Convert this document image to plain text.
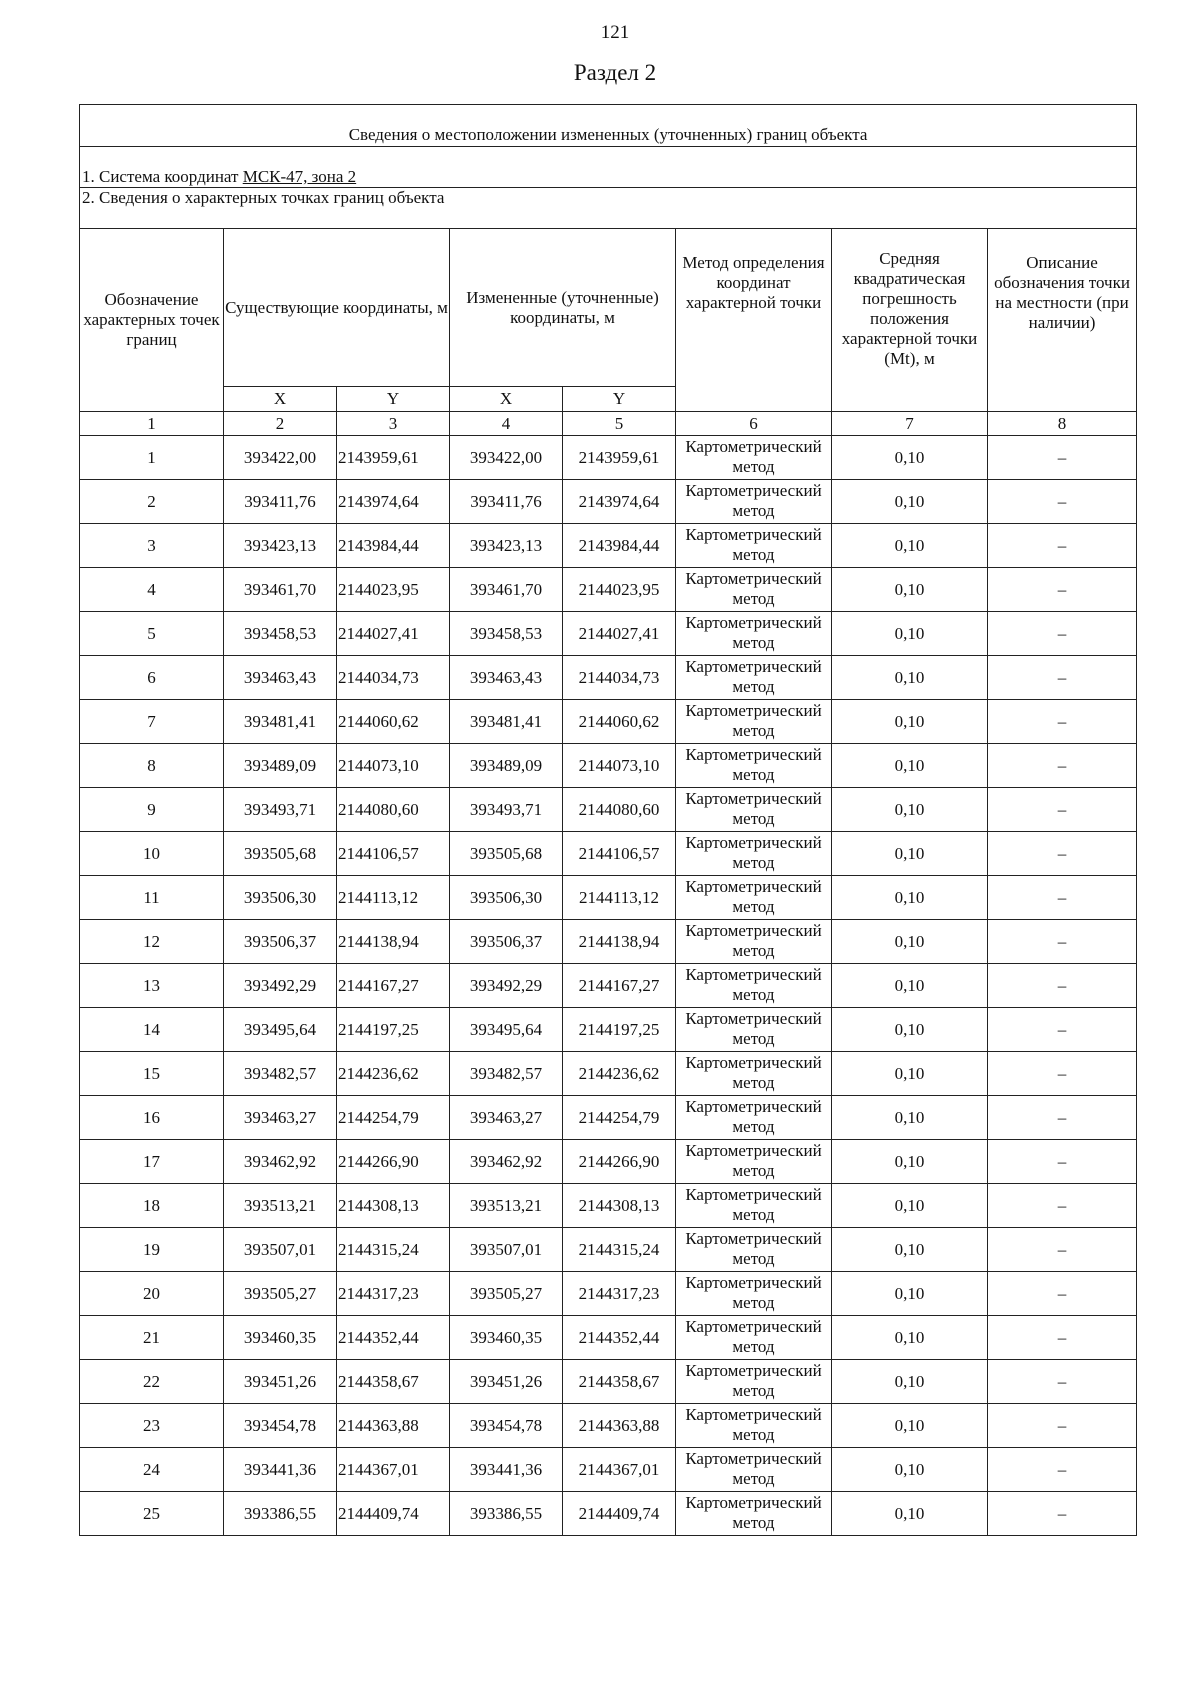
121
Раздел 2
Сведения о местоположении измененных (уточненных) границ объекта							
1. Система координат МСК-47, зона 2							
2. Сведения о характерных точках границ объекта							
Обозначение характерных точек границ	Существующие координаты, м		Измененные (уточненные) координаты, м		Метод определения координат характерной точки	Средняя квадратическая погрешность положения характерной точки (Мt), м	Описание обозначения точки на местности (при наличии)
	X	Y	X	Y			
1	2	3	4	5	6	7	8
1	393422,00	2143959,61	393422,00	2143959,61	Картометрический метод	0,10	–
2	393411,76	2143974,64	393411,76	2143974,64	Картометрический метод	0,10	–
3	393423,13	2143984,44	393423,13	2143984,44	Картометрический метод	0,10	–
4	393461,70	2144023,95	393461,70	2144023,95	Картометрический метод	0,10	–
5	393458,53	2144027,41	393458,53	2144027,41	Картометрический метод	0,10	–
6	393463,43	2144034,73	393463,43	2144034,73	Картометрический метод	0,10	–
7	393481,41	2144060,62	393481,41	2144060,62	Картометрический метод	0,10	–
8	393489,09	2144073,10	393489,09	2144073,10	Картометрический метод	0,10	–
9	393493,71	2144080,60	393493,71	2144080,60	Картометрический метод	0,10	–
10	393505,68	2144106,57	393505,68	2144106,57	Картометрический метод	0,10	–
11	393506,30	2144113,12	393506,30	2144113,12	Картометрический метод	0,10	–
12	393506,37	2144138,94	393506,37	2144138,94	Картометрический метод	0,10	–
13	393492,29	2144167,27	393492,29	2144167,27	Картометрический метод	0,10	–
14	393495,64	2144197,25	393495,64	2144197,25	Картометрический метод	0,10	–
15	393482,57	2144236,62	393482,57	2144236,62	Картометрический метод	0,10	–
16	393463,27	2144254,79	393463,27	2144254,79	Картометрический метод	0,10	–
17	393462,92	2144266,90	393462,92	2144266,90	Картометрический метод	0,10	–
18	393513,21	2144308,13	393513,21	2144308,13	Картометрический метод	0,10	–
19	393507,01	2144315,24	393507,01	2144315,24	Картометрический метод	0,10	–
20	393505,27	2144317,23	393505,27	2144317,23	Картометрический метод	0,10	–
21	393460,35	2144352,44	393460,35	2144352,44	Картометрический метод	0,10	–
22	393451,26	2144358,67	393451,26	2144358,67	Картометрический метод	0,10	–
23	393454,78	2144363,88	393454,78	2144363,88	Картометрический метод	0,10	–
24	393441,36	2144367,01	393441,36	2144367,01	Картометрический метод	0,10	–
25	393386,55	2144409,74	393386,55	2144409,74	Картометрический метод	0,10	–
